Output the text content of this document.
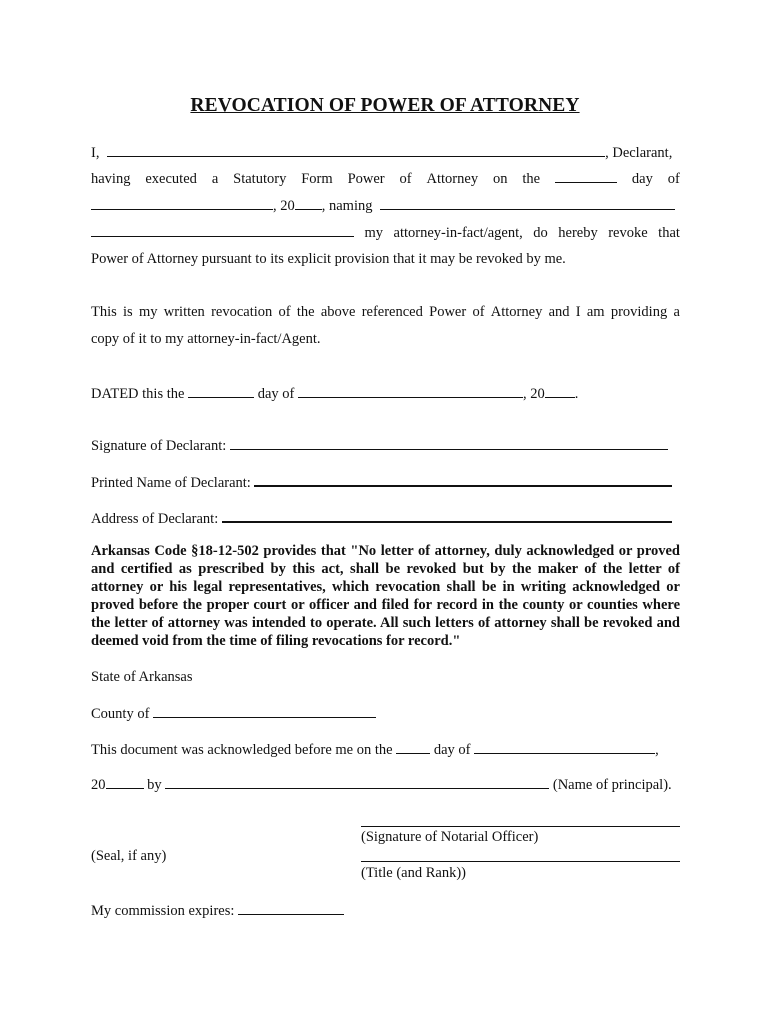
REVOCATION OF POWER OF ATTORNEY
I,	, Declarant,
having executed a Statutory Form Power of Attorney on the	day of
, 20 , naming
my attorney-in-fact/agent, do hereby revoke that
Power of Attorney pursuant to its explicit provision that it may be revoked by me.
This is my written revocation of the above referenced Power of Attorney and I am providing a
copy of it to my attorney-in-fact/Agent.
DATED this the	day of	, 20 .
Signature of Declarant:
Printed Name of Declarant:
Address of Declarant:
Arkansas Code §18-12-502 provides that "No letter of attorney, duly acknowledged or proved and certified as prescribed by this act, shall be revoked but by the maker of the letter of attorney or his legal representatives, which revocation shall be in writing acknowledged or proved before the proper court or officer and filed for record in the county or counties where the letter of attorney was intended to operate. All such letters of attorney shall be revoked and deemed void from the time of filing revocations for record."
State of Arkansas
County of
This document was acknowledged before me on the	day of	,
20	by	(Name of principal).
(Signature of Notarial Officer)
(Seal, if any)
(Title (and Rank))
My commission expires:
